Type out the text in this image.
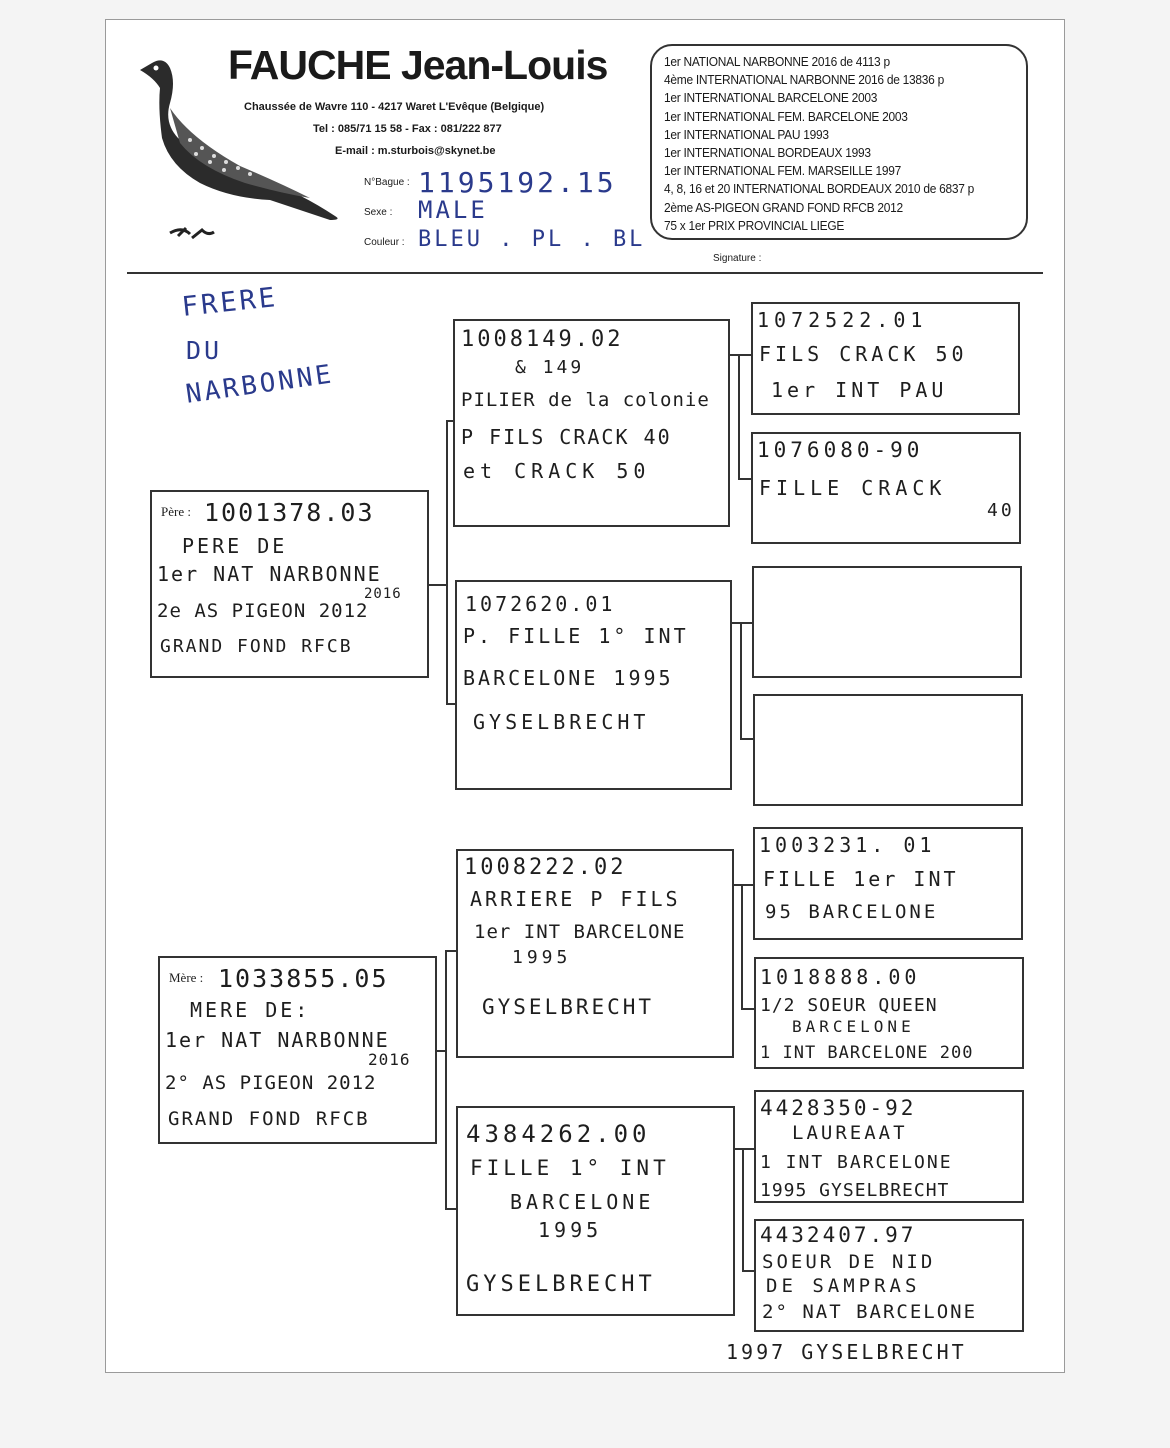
FAUCHE Jean-Louis
Chaussée de Wavre 110 - 4217 Waret L'Evêque (Belgique)
Tel : 085/71 15 58 - Fax : 081/222 877
E-mail : m.sturbois@skynet.be
N°Bague : 1195192.15
Sexe : MALE
Couleur : BLEU . PL . BL
1er NATIONAL NARBONNE 2016 de 4113 p
4ème INTERNATIONAL NARBONNE 2016 de 13836 p
1er INTERNATIONAL BARCELONE 2003
1er INTERNATIONAL FEM. BARCELONE 2003
1er INTERNATIONAL PAU 1993
1er INTERNATIONAL BORDEAUX 1993
1er INTERNATIONAL FEM. MARSEILLE 1997
4, 8, 16 et 20 INTERNATIONAL BORDEAUX 2010 de 6837 p
2ème AS-PIGEON GRAND FOND RFCB 2012
75 x 1er PRIX PROVINCIAL LIEGE
Signature :
FRERE
DU
NARBONNE
Père : 1001378.03
PERE DE
1er NAT NARBONNE
2016
2e AS PIGEON 2012
GRAND FOND RFCB
Mère : 1033855.05
MERE DE:
1er NAT NARBONNE
2016
2° AS PIGEON 2012
GRAND FOND RFCB
1008149.02
& 149
PILIER de la colonie
P FILS CRACK 40
et CRACK 50
1072620.01
P. FILLE 1° INT
BARCELONE 1995
GYSELBRECHT
1008222.02
ARRIERE P FILS
1er INT BARCELONE
1995
GYSELBRECHT
4384262.00
FILLE 1° INT
BARCELONE
1995
GYSELBRECHT
1072522.01
FILS CRACK 50
1er INT PAU
1076080-90
FILLE CRACK
40
1003231. 01
FILLE 1er INT
95 BARCELONE
1018888.00
1/2 SOEUR QUEEN
BARCELONE
1 INT BARCELONE 200
4428350-92
LAUREAAT
1 INT BARCELONE
1995 GYSELBRECHT
4432407.97
SOEUR DE NID
DE SAMPRAS
2° NAT BARCELONE
1997 GYSELBRECHT
